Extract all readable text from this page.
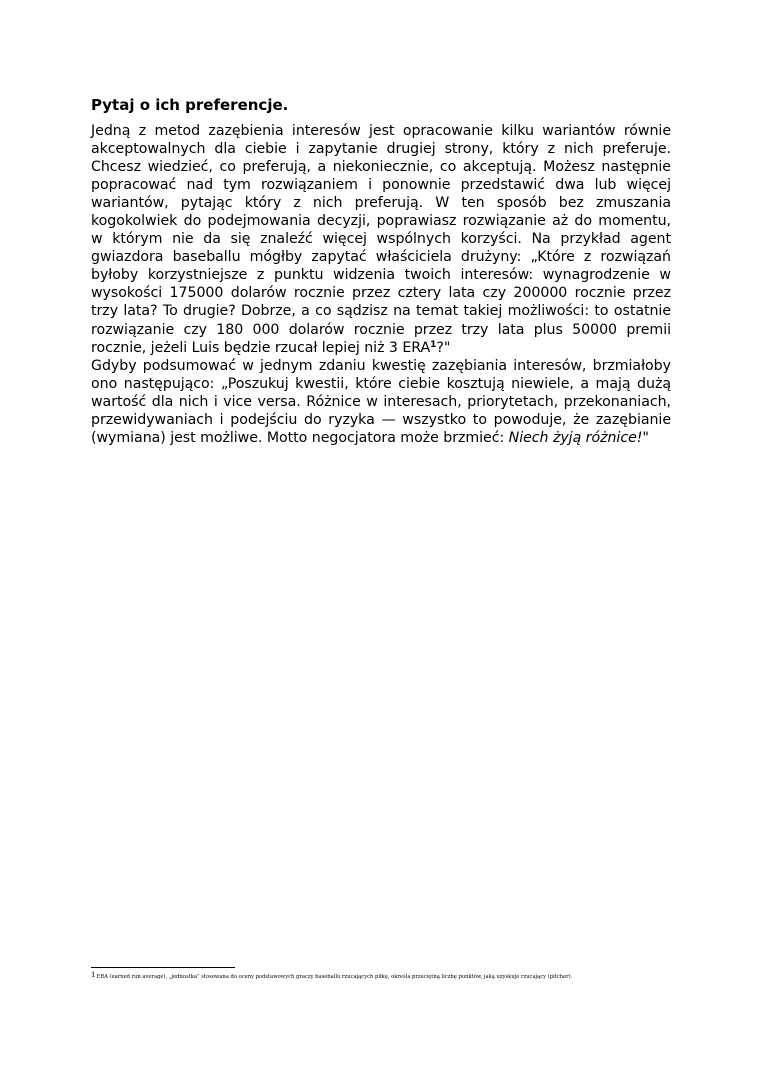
Pytaj o ich preferencje.

Jedną z metod zazębienia interesów jest opracowanie kilku wariantów równie akceptowalnych dla ciebie i zapytanie drugiej strony, który z nich preferuje. Chcesz wiedzieć, co preferują, a niekoniecznie, co akceptują. Możesz następnie popracować nad tym rozwiązaniem i ponownie przedstawić dwa lub więcej wariantów, pytając który z nich preferują. W ten sposób bez zmuszania kogokolwiek do podejmowania decyzji, poprawiasz rozwiązanie aż do momentu, w którym nie da się znaleźć więcej wspólnych korzyści. Na przykład agent gwiazdora baseballu mógłby zapytać właściciela drużyny: „Które z rozwiązań byłoby korzystniejsze z punktu widzenia twoich interesów: wynagrodzenie w wysokości 175000 dolarów rocznie przez cztery lata czy 200000 rocznie przez trzy lata? To drugie? Dobrze, a co sądzisz na temat takiej możliwości: to ostatnie rozwiązanie czy 180 000 dolarów rocznie przez trzy lata plus 50000 premii rocznie, jeżeli Luis będzie rzucał lepiej niż 3 ERA$^1$?"

Gdyby podsumować w jednym zdaniu kwestię zazębiania interesów, brzmiałoby ono następująco: „Poszukuj kwestii, które ciebie kosztują niewiele, a mają dużą wartość dla nich i vice versa. Różnice w interesach, priorytetach, przekonaniach, przewidywaniach i podejściu do ryzyka — wszystko to powoduje, że zazębianie (wymiana) jest możliwe. Motto negocjatora może brzmieć: Niech żyją różnice!"

$^1$ERA (earned run average), „jednostka” stosowana do oceny podstawowych graczy baseballu rzucających piłkę, określa przeciętną liczbę punktów, jaką uzyskuje rzucający (pitcher).
